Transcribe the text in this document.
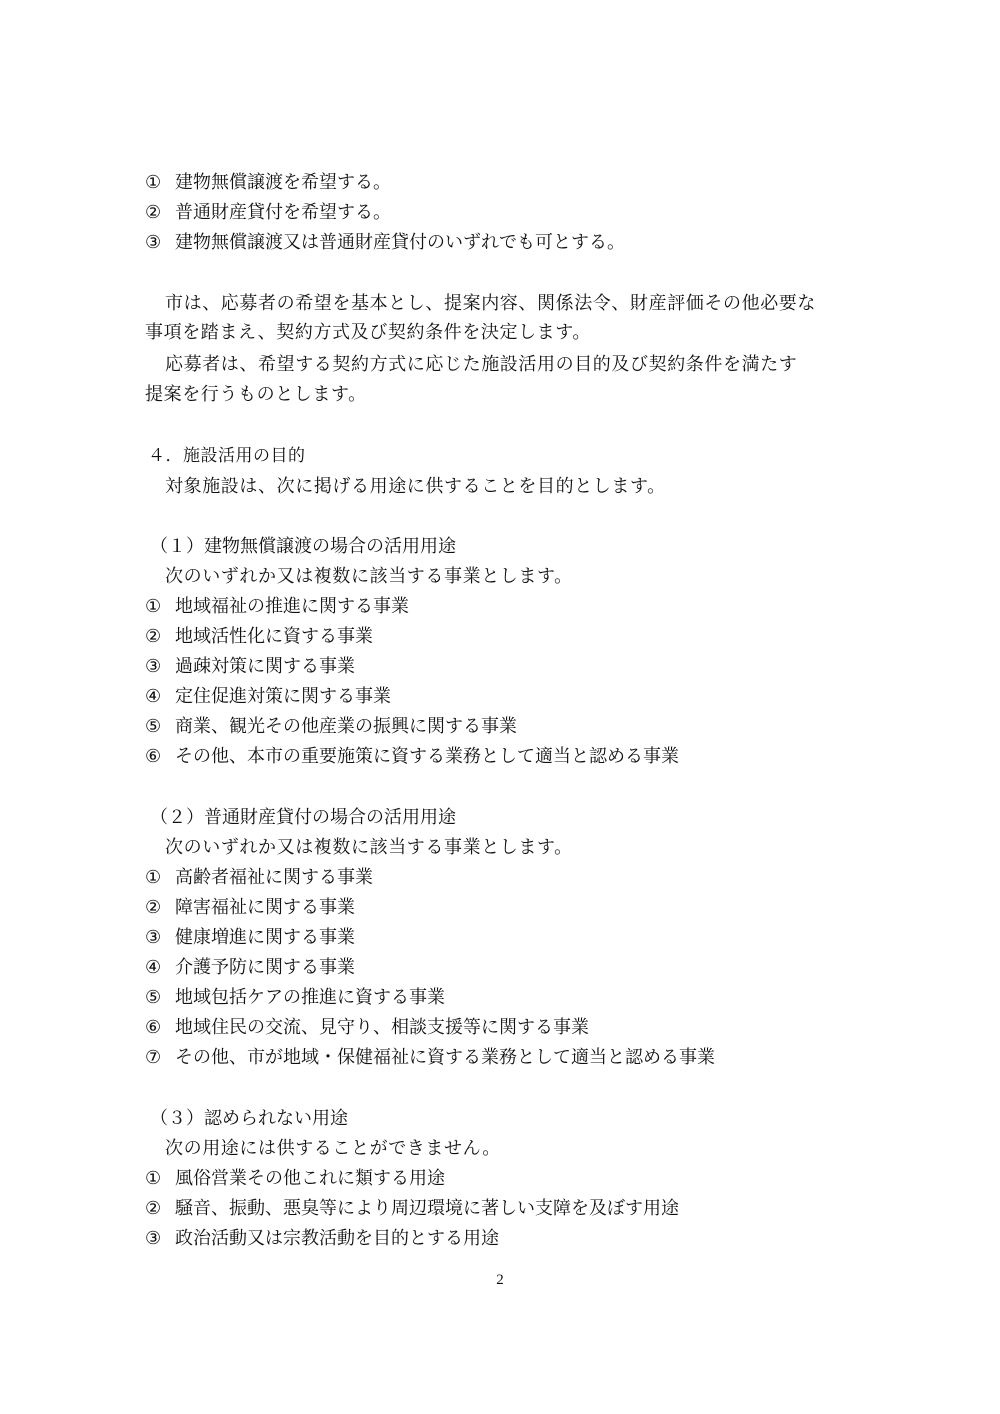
① 建物無償譲渡を希望する。
② 普通財産貸付を希望する。
③ 建物無償譲渡又は普通財産貸付のいずれでも可とする。
市は、応募者の希望を基本とし、提案内容、関係法令、財産評価その他必要な
事項を踏まえ、契約方式及び契約条件を決定します。
応募者は、希望する契約方式に応じた施設活用の目的及び契約条件を満たす
提案を行うものとします。
４．施設活用の目的
対象施設は、次に掲げる用途に供することを目的とします。
（１）建物無償譲渡の場合の活用用途
次のいずれか又は複数に該当する事業とします。
① 地域福祉の推進に関する事業
② 地域活性化に資する事業
③ 過疎対策に関する事業
④ 定住促進対策に関する事業
⑤ 商業、観光その他産業の振興に関する事業
⑥ その他、本市の重要施策に資する業務として適当と認める事業
（２）普通財産貸付の場合の活用用途
次のいずれか又は複数に該当する事業とします。
① 高齢者福祉に関する事業
② 障害福祉に関する事業
③ 健康増進に関する事業
④ 介護予防に関する事業
⑤ 地域包括ケアの推進に資する事業
⑥ 地域住民の交流、見守り、相談支援等に関する事業
⑦ その他、市が地域・保健福祉に資する業務として適当と認める事業
（３）認められない用途
次の用途には供することができません。
① 風俗営業その他これに類する用途
② 騒音、振動、悪臭等により周辺環境に著しい支障を及ぼす用途
③ 政治活動又は宗教活動を目的とする用途
2
